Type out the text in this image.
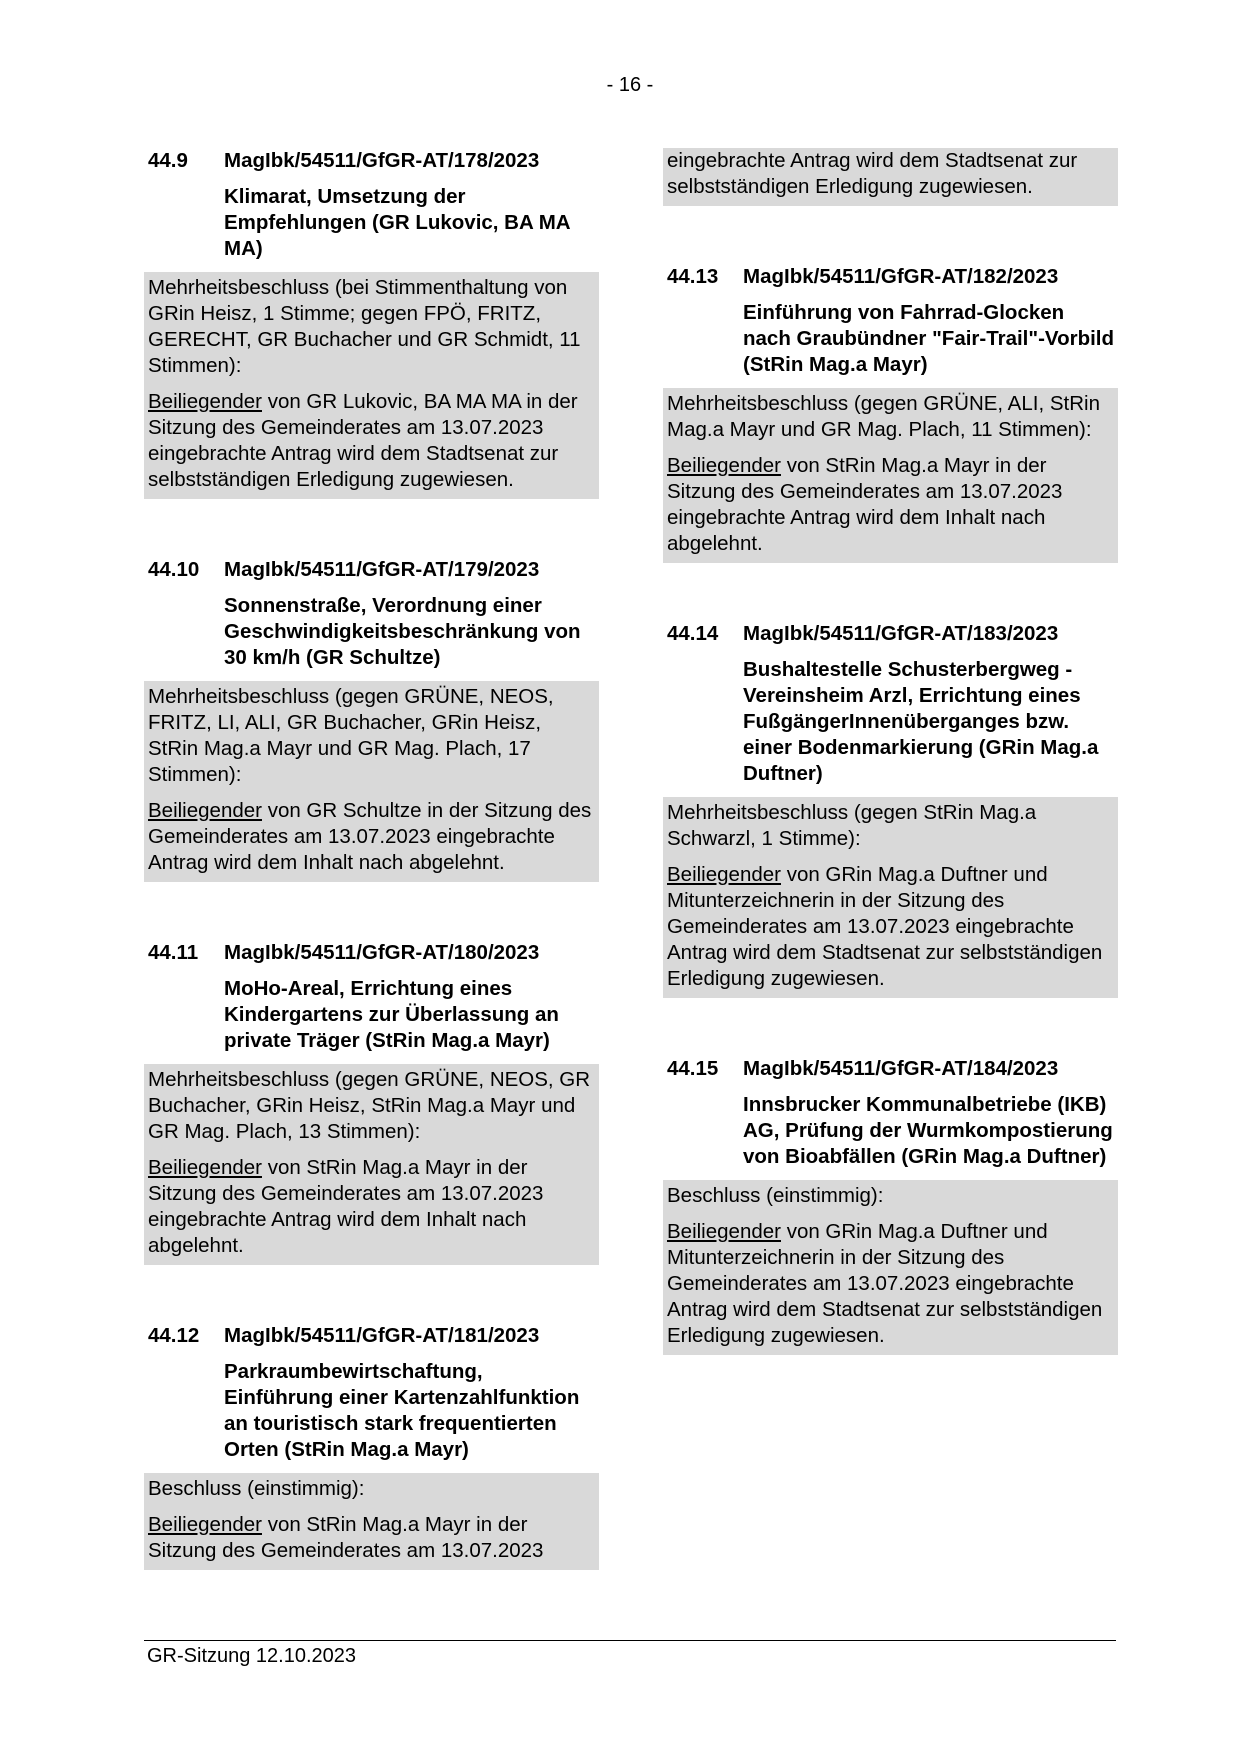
- 16 -
44.9	MagIbk/54511/GfGR-AT/178/2023
Klimarat, Umsetzung der Empfehlungen (GR Lukovic, BA MA MA)

Mehrheitsbeschluss (bei Stimmenthaltung von GRin Heisz, 1 Stimme; gegen FPÖ, FRITZ, GERECHT, GR Buchacher und GR Schmidt, 11 Stimmen):

Beiliegender von GR Lukovic, BA MA MA in der Sitzung des Gemeinderates am 13.07.2023 eingebrachte Antrag wird dem Stadtsenat zur selbstständigen Erledigung zugewiesen.

44.10	MagIbk/54511/GfGR-AT/179/2023
Sonnenstraße, Verordnung einer Geschwindigkeitsbeschränkung von 30 km/h (GR Schultze)

Mehrheitsbeschluss (gegen GRÜNE, NEOS, FRITZ, LI, ALI, GR Buchacher, GRin Heisz, StRin Mag.a Mayr und GR Mag. Plach, 17 Stimmen):

Beiliegender von GR Schultze in der Sitzung des Gemeinderates am 13.07.2023 eingebrachte Antrag wird dem Inhalt nach abgelehnt.

44.11	MagIbk/54511/GfGR-AT/180/2023
MoHo-Areal, Errichtung eines Kindergartens zur Überlassung an private Träger (StRin Mag.a Mayr)

Mehrheitsbeschluss (gegen GRÜNE, NEOS, GR Buchacher, GRin Heisz, StRin Mag.a Mayr und GR Mag. Plach, 13 Stimmen):

Beiliegender von StRin Mag.a Mayr in der Sitzung des Gemeinderates am 13.07.2023 eingebrachte Antrag wird dem Inhalt nach abgelehnt.

44.12	MagIbk/54511/GfGR-AT/181/2023
Parkraumbewirtschaftung, Einführung einer Kartenzahlfunktion an touristisch stark frequentierten Orten (StRin Mag.a Mayr)

Beschluss (einstimmig):

Beiliegender von StRin Mag.a Mayr in der Sitzung des Gemeinderates am 13.07.2023

eingebrachte Antrag wird dem Stadtsenat zur selbstständigen Erledigung zugewiesen.

44.13	MagIbk/54511/GfGR-AT/182/2023
Einführung von Fahrrad-Glocken nach Graubündner "Fair-Trail"-Vorbild (StRin Mag.a Mayr)

Mehrheitsbeschluss (gegen GRÜNE, ALI, StRin Mag.a Mayr und GR Mag. Plach, 11 Stimmen):

Beiliegender von StRin Mag.a Mayr in der Sitzung des Gemeinderates am 13.07.2023 eingebrachte Antrag wird dem Inhalt nach abgelehnt.

44.14	MagIbk/54511/GfGR-AT/183/2023
Bushaltestelle Schusterbergweg - Vereinsheim Arzl, Errichtung eines FußgängerInnenüberganges bzw. einer Bodenmarkierung (GRin Mag.a Duftner)

Mehrheitsbeschluss (gegen StRin Mag.a Schwarzl, 1 Stimme):

Beiliegender von GRin Mag.a Duftner und Mitunterzeichnerin in der Sitzung des Gemeinderates am 13.07.2023 eingebrachte Antrag wird dem Stadtsenat zur selbstständigen Erledigung zugewiesen.

44.15	MagIbk/54511/GfGR-AT/184/2023
Innsbrucker Kommunalbetriebe (IKB) AG, Prüfung der Wurmkompostierung von Bioabfällen (GRin Mag.a Duftner)

Beschluss (einstimmig):

Beiliegender von GRin Mag.a Duftner und Mitunterzeichnerin in der Sitzung des Gemeinderates am 13.07.2023 eingebrachte Antrag wird dem Stadtsenat zur selbstständigen Erledigung zugewiesen.

GR-Sitzung 12.10.2023
